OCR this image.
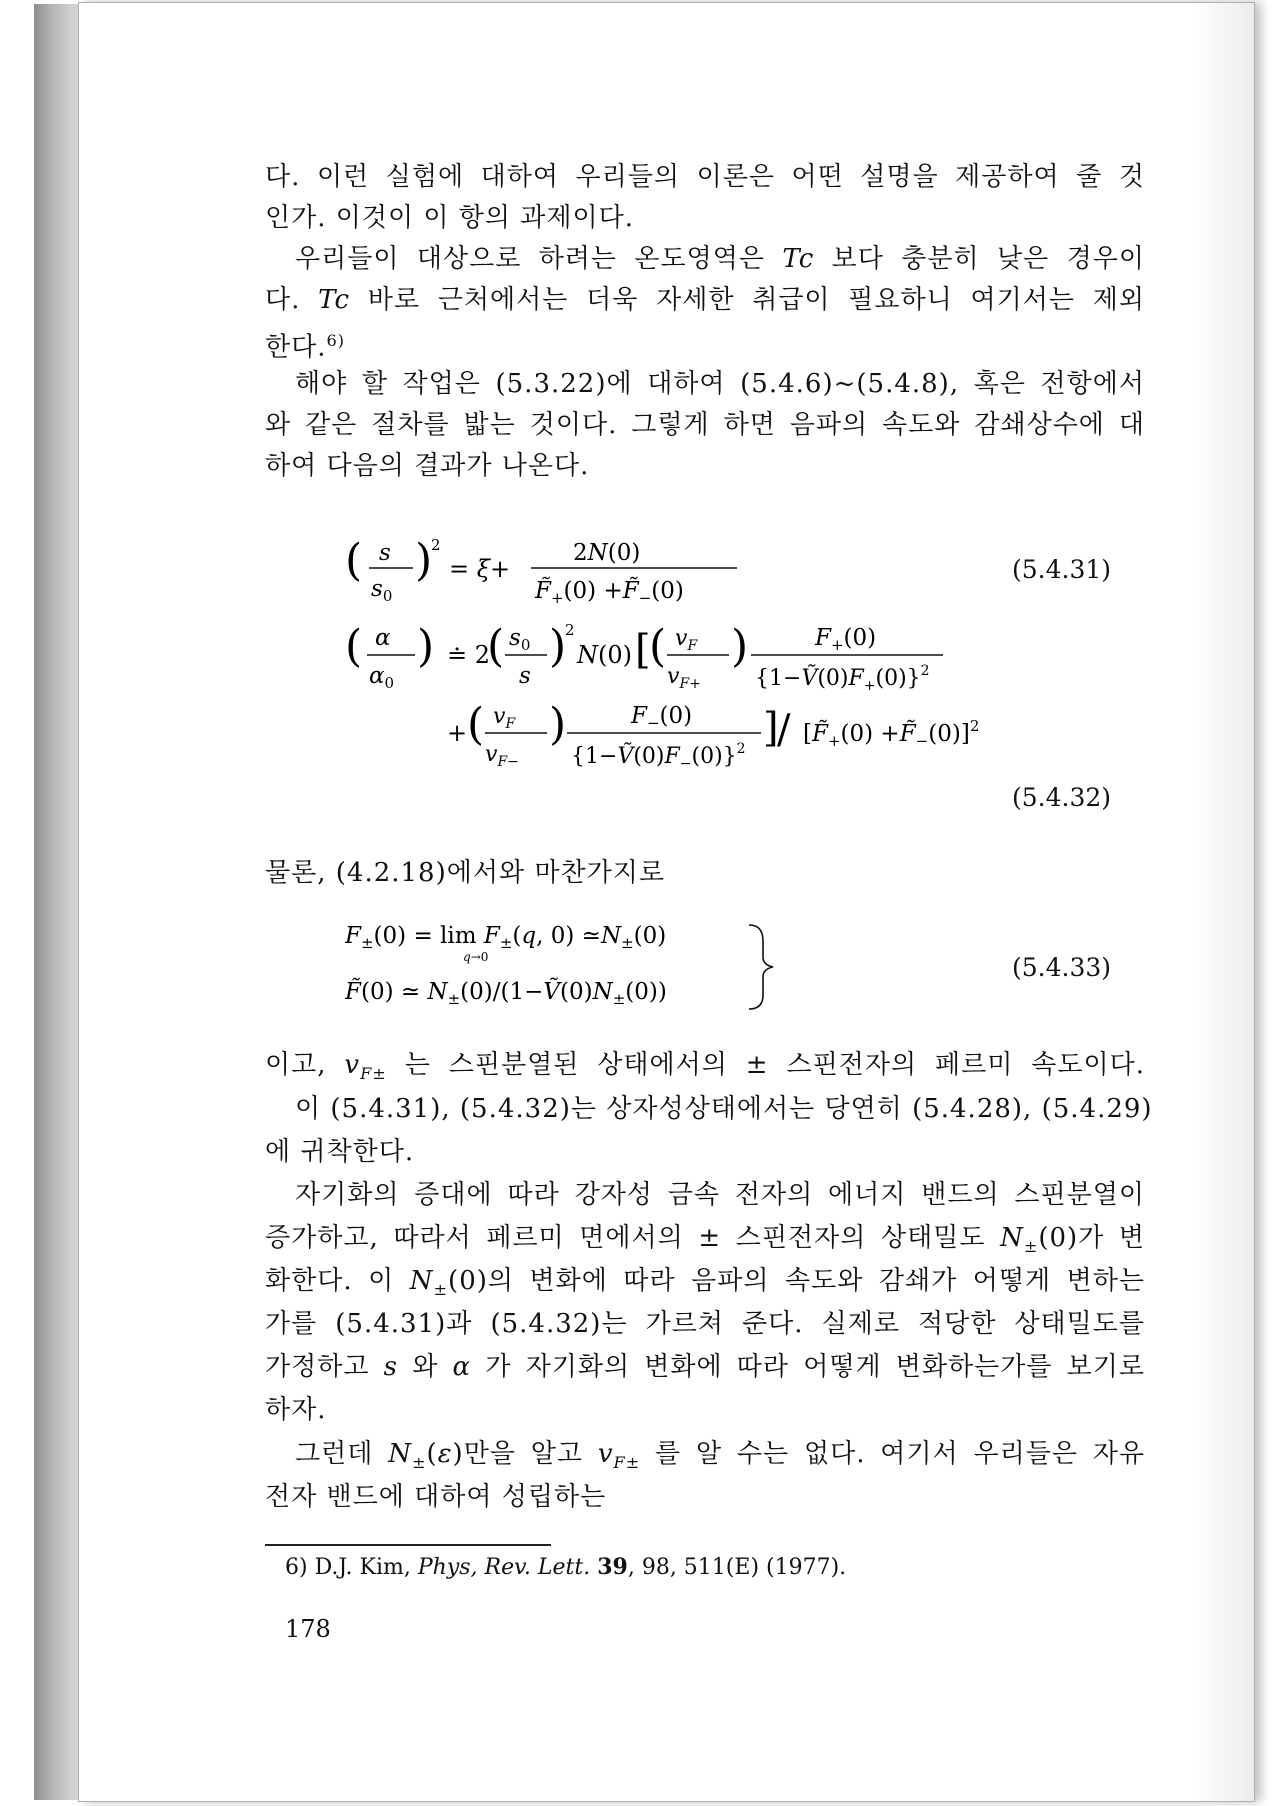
다. 이런 실험에 대하여 우리들의 이론은 어떤 설명을 제공하여 줄 것
인가. 이것이 이 항의 과제이다.
우리들이 대상으로 하려는 온도영역은 Tc 보다 충분히 낮은 경우이
다. Tc 바로 근처에서는 더욱 자세한 취급이 필요하니 여기서는 제외
한다.$^{6)}$
해야 할 작업은 (5.3.22)에 대하여 (5.4.6)~(5.4.8), 혹은 전항에서
와 같은 절차를 밟는 것이다. 그렇게 하면 음파의 속도와 감쇄상수에 대
하여 다음의 결과가 나온다.
( s
$s_0$
)
2
= ξ+
2N(0)
$F̃_+(0)$ $+F̃_-(0)$
(5.4.31)
( α
$\alpha_0$
) ≐ 2
( $s_0$
s
)
2
N(0) [
( $v_F$
$v_{F+}$
)	$F_+(0)$
$\{1-Ṽ(0)F_+(0)\}^2$
+ ( $v_F$
$v_{F-}$
)	$F_-(0)$
$\{1-Ṽ(0)F_-(0)\}^2$ ]
/ [$F̃_+(0)$ $+F̃_-(0)]^2$
(5.4.32)
물론, (4.2.18)에서와 마찬가지로
$F_\pm(0) = \lim F_\pm(q$, 0) $≃N_\pm(0)$
q→0
F̃(0) ≃ $N_\pm(0)/(1-Ṽ(0)N_\pm(0))$
(5.4.33)
이고, $v_{F\pm}$ 는 스핀분열된 상태에서의 ± 스핀전자의 페르미 속도이다.
이 (5.4.31), (5.4.32)는 상자성상태에서는 당연히 (5.4.28), (5.4.29)
에 귀착한다.
자기화의 증대에 따라 강자성 금속 전자의 에너지 밴드의 스핀분열이
증가하고, 따라서 페르미 면에서의 ± 스핀전자의 상태밀도 $N_\pm(0)$가 변
화한다. 이 $N_\pm(0)$의 변화에 따라 음파의 속도와 감쇄가 어떻게 변하는
가를 (5.4.31)과 (5.4.32)는 가르쳐 준다. 실제로 적당한 상태밀도를
가정하고 s 와 α 가 자기화의 변화에 따라 어떻게 변화하는가를 보기로
하자.
그런데 $N_\pm(\varepsilon)$만을 알고 $v_{F\pm}$ 를 알 수는 없다. 여기서 우리들은 자유
전자 밴드에 대하여 성립하는
6) D.J. Kim, Phys, Rev. Lett. 39, 98, 511(E) (1977).
178
